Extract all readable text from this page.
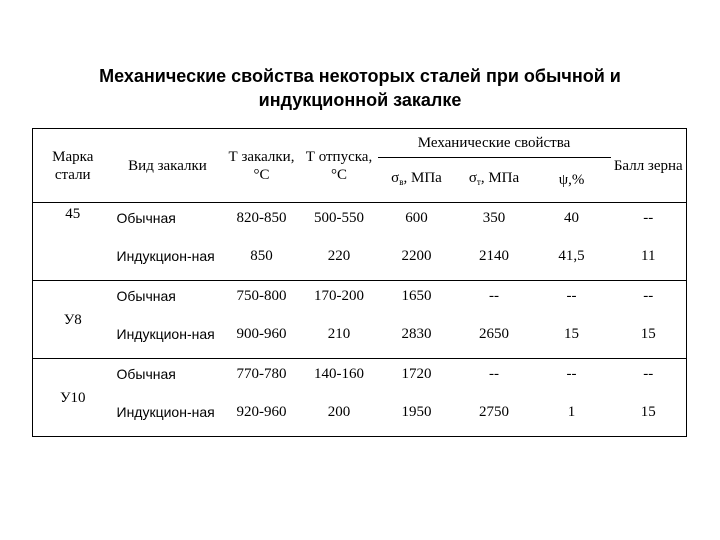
Механические свойства некоторых сталей при обычной и
индукционной закалке
Марка стали	Вид закалки	Т закалки, °С	Т отпуска, °С	Механические свойства			Балл зерна
				$\sigma_в$, МПа	$\sigma_т$, МПа	ψ,%	
45	Обычная	820-850	500-550	600	350	40	--
	Индукцион-ная	850	220	2200	2140	41,5	11
У8	Обычная	750-800	170-200	1650	--	--	--
	Индукцион-ная	900-960	210	2830	2650	15	15
У10	Обычная	770-780	140-160	1720	--	--	--
	Индукцион-ная	920-960	200	1950	2750	1	15
